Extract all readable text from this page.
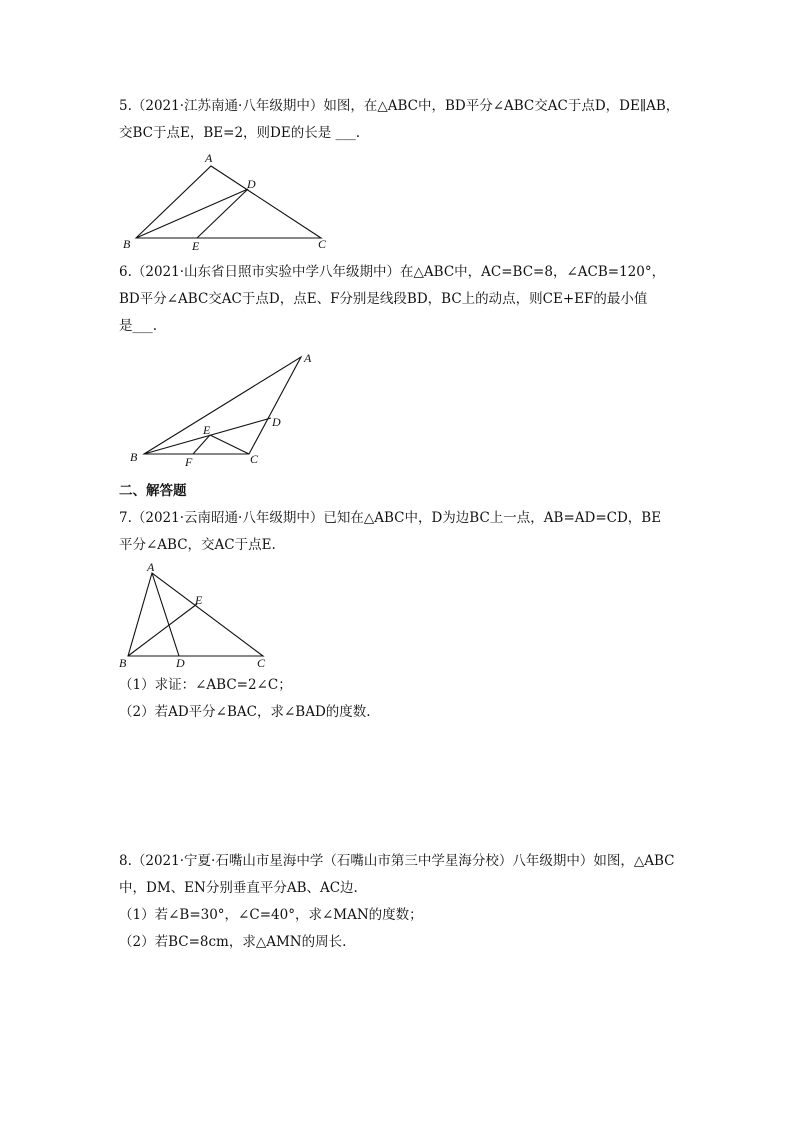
5.（2021·江苏南通·八年级期中）如图，在△ABC中，BD平分∠ABC交AC于点D，DE∥AB，
交BC于点E，BE=2，则DE的长是 ___.
A
B	C
D
E
6.（2021·山东省日照市实验中学八年级期中）在△ABC中，AC=BC=8，∠ACB=120°，
BD平分∠ABC交AC于点D，点E、F分别是线段BD，BC上的动点，则CE+EF的最小值
是___.
A
B	C
D
E
F
二、解答题
7.（2021·云南昭通·八年级期中）已知在△ABC中，D为边BC上一点，AB=AD=CD，BE
平分∠ABC，交AC于点E.
A
B	C
D
E
（1）求证：∠ABC=2∠C；
（2）若AD平分∠BAC，求∠BAD的度数.
8.（2021·宁夏·石嘴山市星海中学（石嘴山市第三中学星海分校）八年级期中）如图，△ABC
中，DM、EN分别垂直平分AB、AC边.
（1）若∠B=30°，∠C=40°，求∠MAN的度数；
（2）若BC=8cm，求△AMN的周长.
